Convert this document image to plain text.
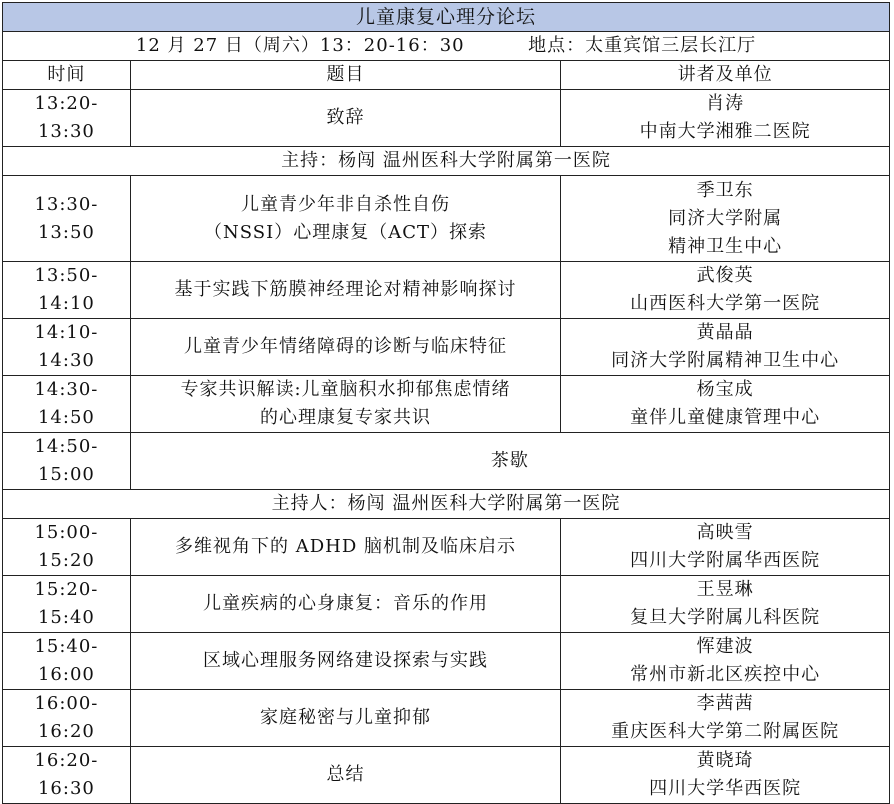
儿童康复心理分论坛		
12 月 27 日（周六）13：20-16：30 地点：太重宾馆三层长江厅		
时间	题目	讲者及单位
13:20-13:30	致辞	肖涛
中南大学湘雅二医院
主持：杨闯 温州医科大学附属第一医院		
13:30-13:50	儿童青少年非自杀性自伤
（NSSI）心理康复（ACT）探索	季卫东
同济大学附属
精神卫生中心
13:50-14:10	基于实践下筋膜神经理论对精神影响探讨	武俊英
山西医科大学第一医院
14:10-14:30	儿童青少年情绪障碍的诊断与临床特征	黄晶晶
同济大学附属精神卫生中心
14:30-14:50	专家共识解读:儿童脑积水抑郁焦虑情绪
的心理康复专家共识	杨宝成
童伴儿童健康管理中心
14:50-15:00	茶歇	
主持人：杨闯 温州医科大学附属第一医院		
15:00-15:20	多维视角下的 ADHD 脑机制及临床启示	高映雪
四川大学附属华西医院
15:20-15:40	儿童疾病的心身康复：音乐的作用	王昱琳
复旦大学附属儿科医院
15:40-16:00	区域心理服务网络建设探索与实践	恽建波
常州市新北区疾控中心
16:00-16:20	家庭秘密与儿童抑郁	李茜茜
重庆医科大学第二附属医院
16:20-16:30	总结	黄晓琦
四川大学华西医院
